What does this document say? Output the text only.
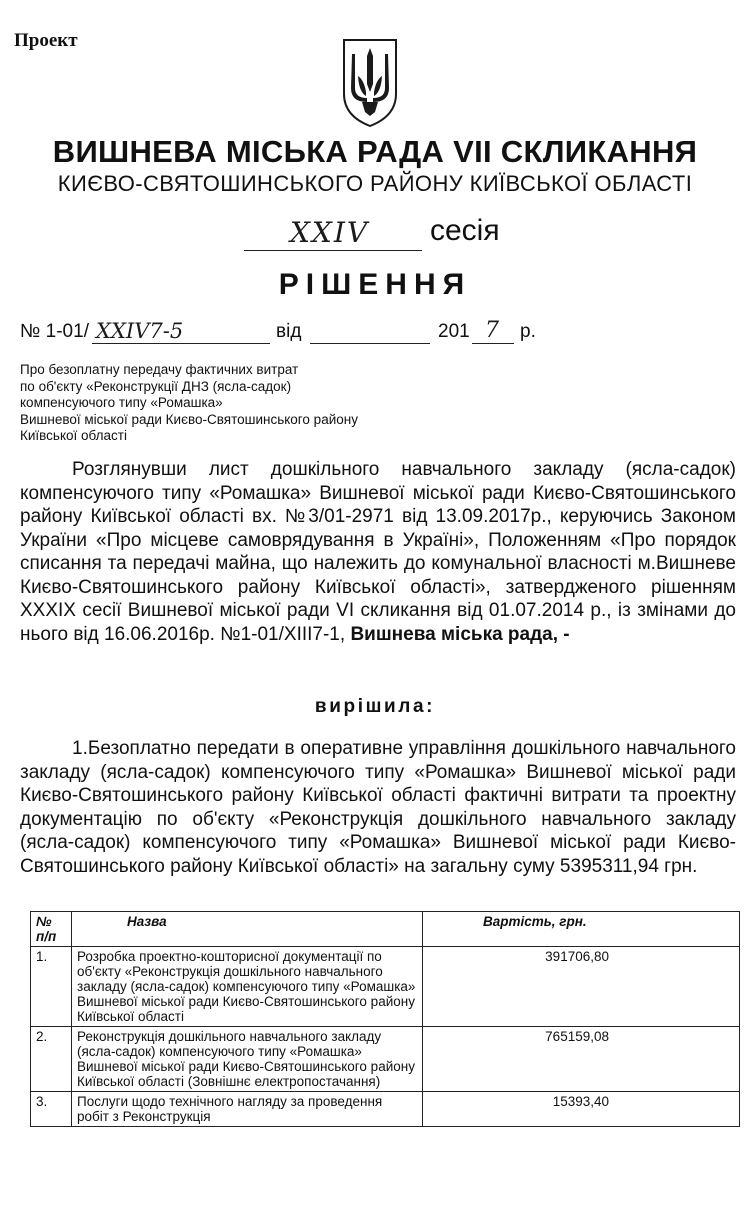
Проект
ВИШНЕВА МІСЬКА РАДА VII СКЛИКАННЯ
КИЄВО-СВЯТОШИНСЬКОГО РАЙОНУ КИЇВСЬКОЇ ОБЛАСТІ
XXIV сесія
РІШЕННЯ
№ 1-01/ XXIV7-5	від	201 7 р.
Про безоплатну передачу фактичних витрат
по об'єкту «Реконструкції ДНЗ (ясла-садок)
компенсуючого типу «Ромашка»
Вишневої міської ради Києво-Святошинського району
Київської області

Розглянувши лист дошкільного навчального закладу (ясла-садок) компенсуючого типу «Ромашка» Вишневої міської ради Києво-Святошинського району Київської області вх. №3/01-2971 від 13.09.2017р., керуючись Законом України «Про місцеве самоврядування в Україні», Положенням «Про порядок списання та передачі майна, що належить до комунальної власності м.Вишневе Києво-Святошинського району Київської області», затвердженого рішенням XXXIX сесії Вишневої міської ради VI скликання від 01.07.2014 р., із змінами до нього від 16.06.2016р. №1-01/XIII7-1, Вишнева міська рада, -

вирішила:

1.Безоплатно передати в оперативне управління дошкільного навчального закладу (ясла-садок) компенсуючого типу «Ромашка» Вишневої міської ради Києво-Святошинського району Київської області фактичні витрати та проектну документацію по об'єкту «Реконструкція дошкільного навчального закладу (ясла-садок) компенсуючого типу «Ромашка» Вишневої міської ради Києво-Святошинського району Київської області» на загальну суму 5395311,94 грн.

№ п/п	Назва	Вартість, грн.
1.	Розробка проектно-кошторисної документації по об'єкту «Реконструкція дошкільного навчального закладу (ясла-садок) компенсуючого типу «Ромашка» Вишневої міської ради Києво-Святошинського району Київської області	391706,80
2.	Реконструкція дошкільного навчального закладу (ясла-садок) компенсуючого типу «Ромашка» Вишневої міської ради Києво-Святошинського району Київської області (Зовнішнє електропостачання)	765159,08
3.	Послуги щодо технічного нагляду за проведення робіт з Реконструкція	15393,40
